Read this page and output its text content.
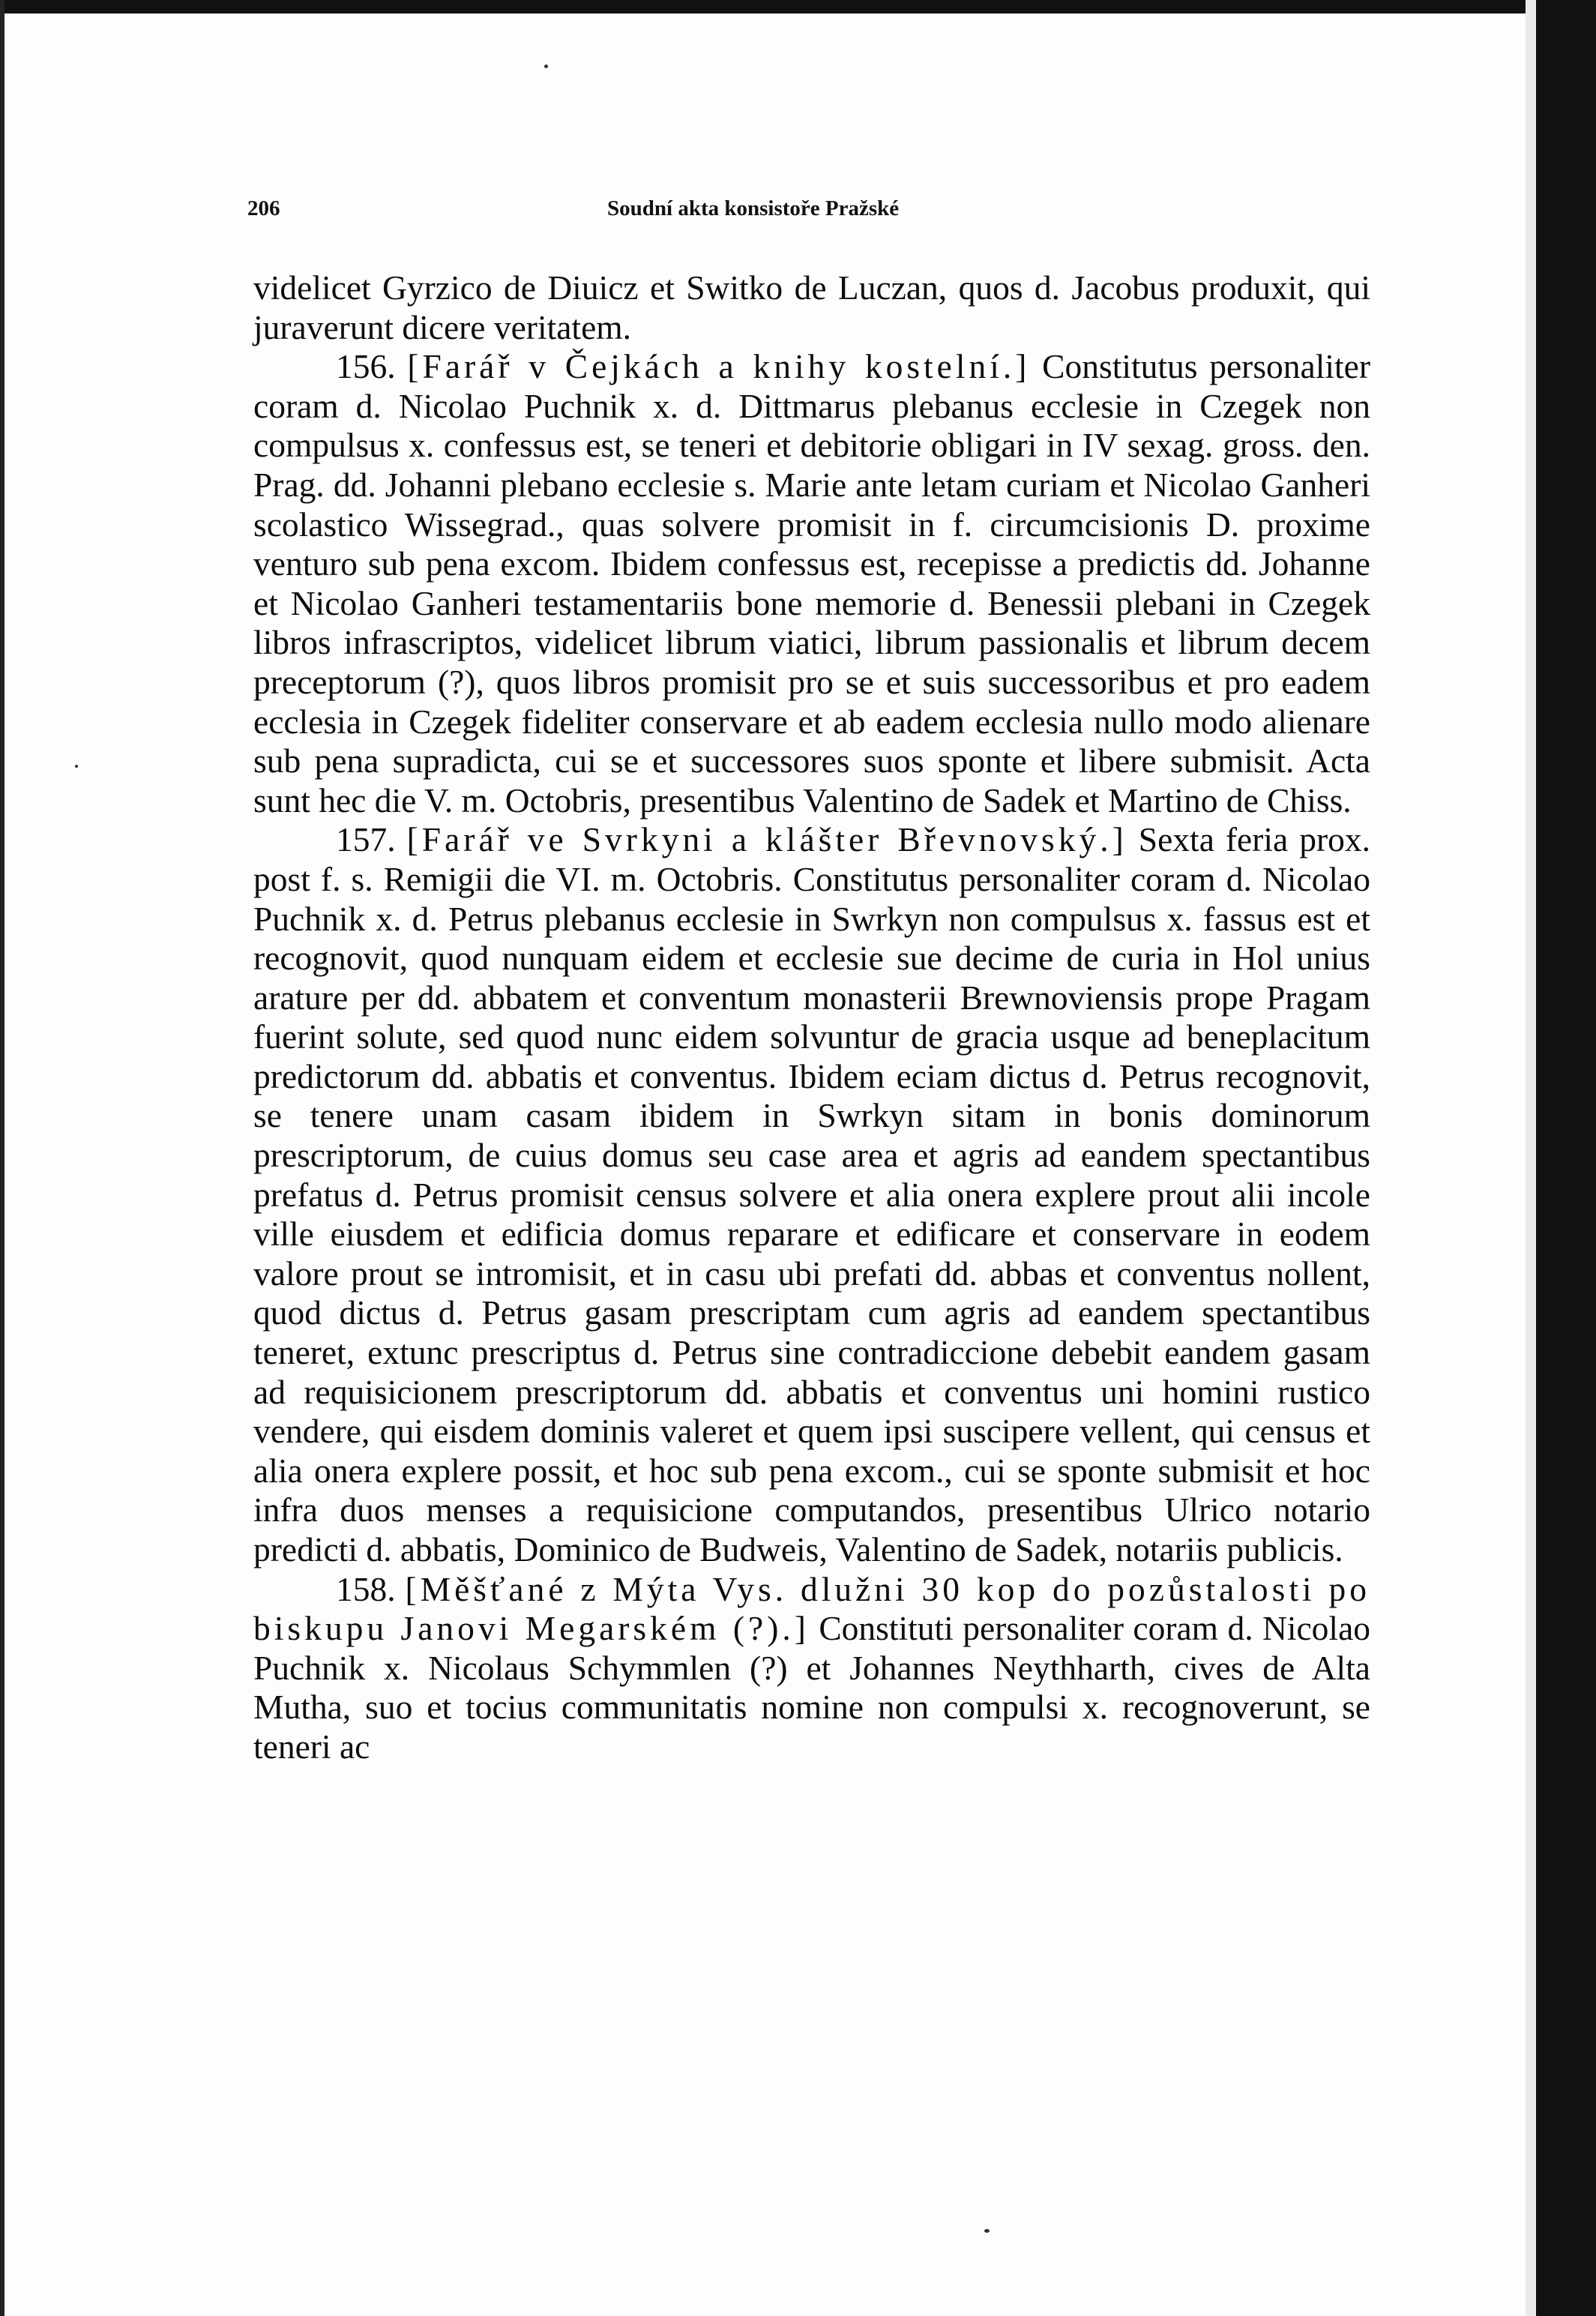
206	Soudní akta konsistoře Pražské

videlicet Gyrzico de Diuicz et Switko de Luczan, quos d. Jacobus produxit, qui juraverunt dicere veritatem.

156. [Farář v Čejkách a knihy kostelní.] Constitutus personaliter coram d. Nicolao Puchnik x. d. Dittmarus plebanus ecclesie in Czegek non compulsus x. confessus est, se teneri et debitorie obligari in IV sexag. gross. den. Prag. dd. Johanni plebano ecclesie s. Marie ante letam curiam et Nicolao Ganheri scolastico Wissegrad., quas solvere promisit in f. circumcisionis D. proxime venturo sub pena excom. Ibidem confessus est, recepisse a predictis dd. Johanne et Nicolao Ganheri testamentariis bone memorie d. Benessii plebani in Czegek libros infrascriptos, videlicet librum viatici, librum passionalis et librum decem preceptorum (?), quos libros promisit pro se et suis successoribus et pro eadem ecclesia in Czegek fideliter conservare et ab eadem ecclesia nullo modo alienare sub pena supradicta, cui se et successores suos sponte et libere submisit. Acta sunt hec die V. m. Octobris, presentibus Valentino de Sadek et Martino de Chiss.

157. [Farář ve Svrkyni a klášter Břevnovský.] Sexta feria prox. post f. s. Remigii die VI. m. Octobris. Constitutus personaliter coram d. Nicolao Puchnik x. d. Petrus plebanus ecclesie in Swrkyn non compulsus x. fassus est et recognovit, quod nunquam eidem et ecclesie sue decime de curia in Hol unius arature per dd. abbatem et conventum monasterii Brewnoviensis prope Pragam fuerint solute, sed quod nunc eidem solvuntur de gracia usque ad beneplacitum predictorum dd. abbatis et conventus. Ibidem eciam dictus d. Petrus recognovit, se tenere unam casam ibidem in Swrkyn sitam in bonis dominorum prescriptorum, de cuius domus seu case area et agris ad eandem spectantibus prefatus d. Petrus promisit census solvere et alia onera explere prout alii incole ville eiusdem et edificia domus reparare et edificare et conservare in eodem valore prout se intromisit, et in casu ubi prefati dd. abbas et conventus nollent, quod dictus d. Petrus gasam prescriptam cum agris ad eandem spectantibus teneret, extunc prescriptus d. Petrus sine contradiccione debebit eandem gasam ad requisicionem prescriptorum dd. abbatis et conventus uni homini rustico vendere, qui eisdem dominis valeret et quem ipsi suscipere vellent, qui census et alia onera explere possit, et hoc sub pena excom., cui se sponte submisit et hoc infra duos menses a requisicione computandos, presentibus Ulrico notario predicti d. abbatis, Dominico de Budweis, Valentino de Sadek, notariis publicis.

158. [Měšťané z Mýta Vys. dlužni 30 kop do pozůstalosti po biskupu Janovi Megarském (?).] Constituti personaliter coram d. Nicolao Puchnik x. Nicolaus Schymmlen (?) et Johannes Neythharth, cives de Alta Mutha, suo et tocius communitatis nomine non compulsi x. recognoverunt, se teneri ac
